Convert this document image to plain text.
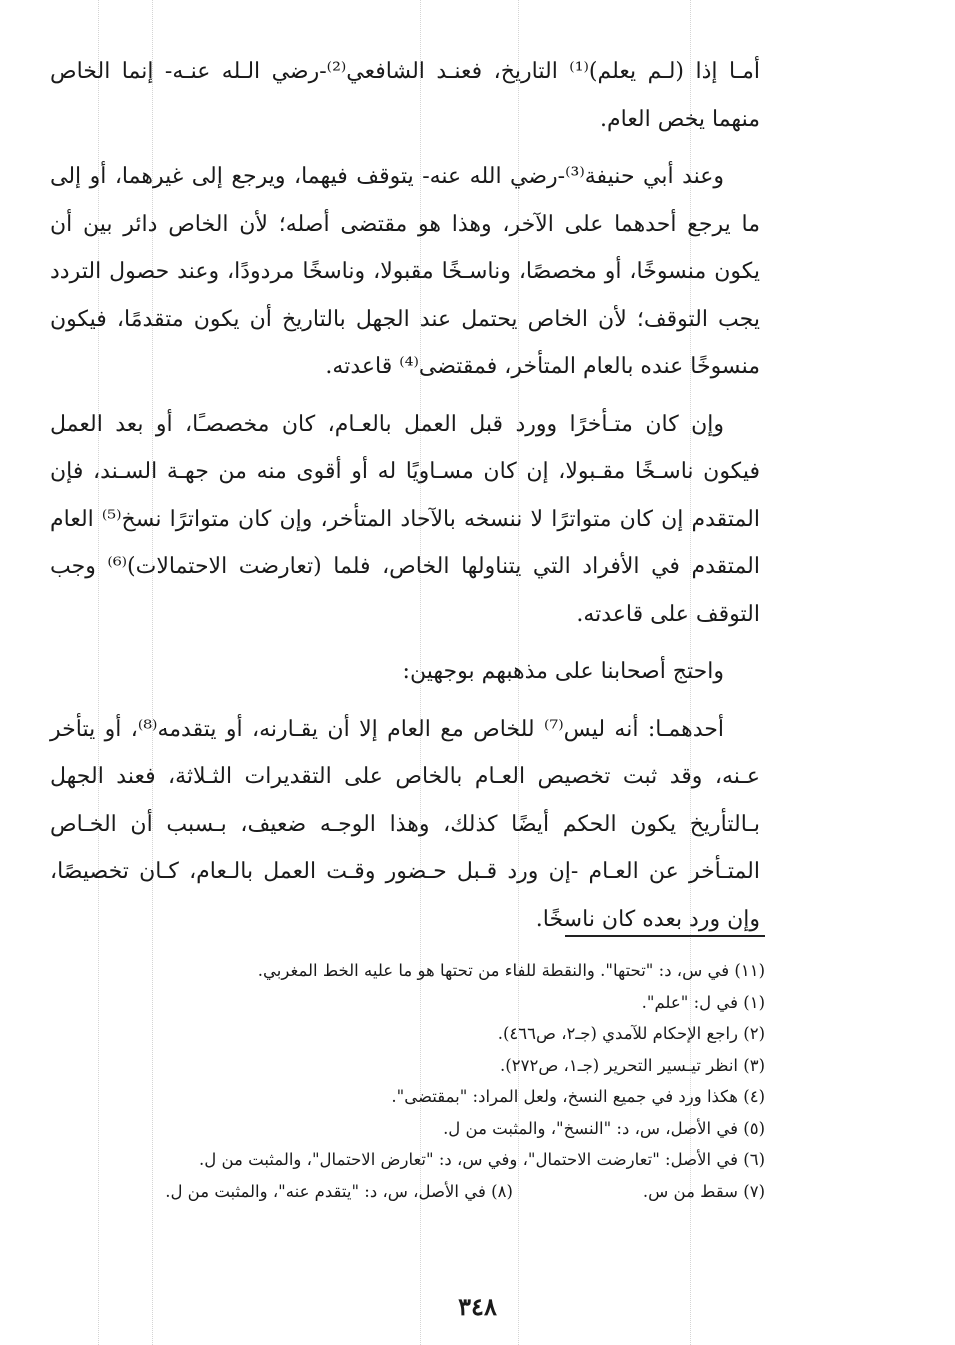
أمـا إذا (لـم يعلم)⁽¹⁾ التاريخ، فعنـد الشافعي⁽²⁾-رضي الـله عنـه- إنما الخاص منهما يخص العام.

وعند أبي حنيفة⁽³⁾-رضي الله عنه- يتوقف فيهما، ويرجع إلى غيرهما، أو إلى ما يرجع أحدهما على الآخر، وهذا هو مقتضى أصله؛ لأن الخاص دائر بين أن يكون منسوخًا، أو مخصصًا، وناسـخًا مقبولا، وناسخًا مردودًا، وعند حصول التردد يجب التوقف؛ لأن الخاص يحتمل عند الجهل بالتاريخ أن يكون متقدمًا، فيكون منسوخًا عنده بالعام المتأخر، فمقتضى⁽⁴⁾ قاعدته.

وإن كان متـأخرًا وورد قبل العمل بالعـام، كان مخصصـًا، أو بعد العمل فيكون ناسـخًا مقـبولا، إن كان مسـاويًا له أو أقوى منه من جهـة السـند، فإن المتقدم إن كان متواترًا لا ننسخه بالآحاد المتأخر، وإن كان متواترًا نسخ⁽⁵⁾ العام المتقدم في الأفراد التي يتناولها الخاص، فلما (تعارضت الاحتمالات)⁽⁶⁾ وجب التوقف على قاعدته.

واحتج أصحابنا على مذهبهم بوجهين:

أحدهمـا: أنه ليس⁽⁷⁾ للخاص مع العام إلا أن يقـارنه، أو يتقدمه⁽⁸⁾، أو يتأخر عـنه، وقد ثبت تخصيص العـام بالخاص على التقديرات الثـلاثة، فعند الجهل بـالتأريخ يكون الحكم أيضًا كذلك، وهذا الوجـه ضعيف، بـسبب أن الخـاص المتـأخر عن العـام -إن ورد قـبل حـضور وقـت العمل بالـعام، كـان تخصيصًا، وإن ورد بعده كان ناسخًا.

(١١) في س، د: "تحتها". والنقطة للفاء من تحتها هو ما عليه الخط المغربي.

(١) في ل: "علم".

(٢) راجع الإحكام للآمدي (جـ٢، ص٤٦٦).

(٣) انظر تيـسير التحرير (جـ١، ص٢٧٢).

(٤) هكذا ورد في جميع النسخ، ولعل المراد: "بمقتضى".

(٥) في الأصل، س، د: "النسخ"، والمثبت من ل.

(٦) في الأصل: "تعارضت الاحتمال"، وفي س، د: "تعارض الاحتمال"، والمثبت من ل.

(٧) سقط من س.

(٨) في الأصل، س، د: "يتقدم عنه"، والمثبت من ل.

٣٤٨
